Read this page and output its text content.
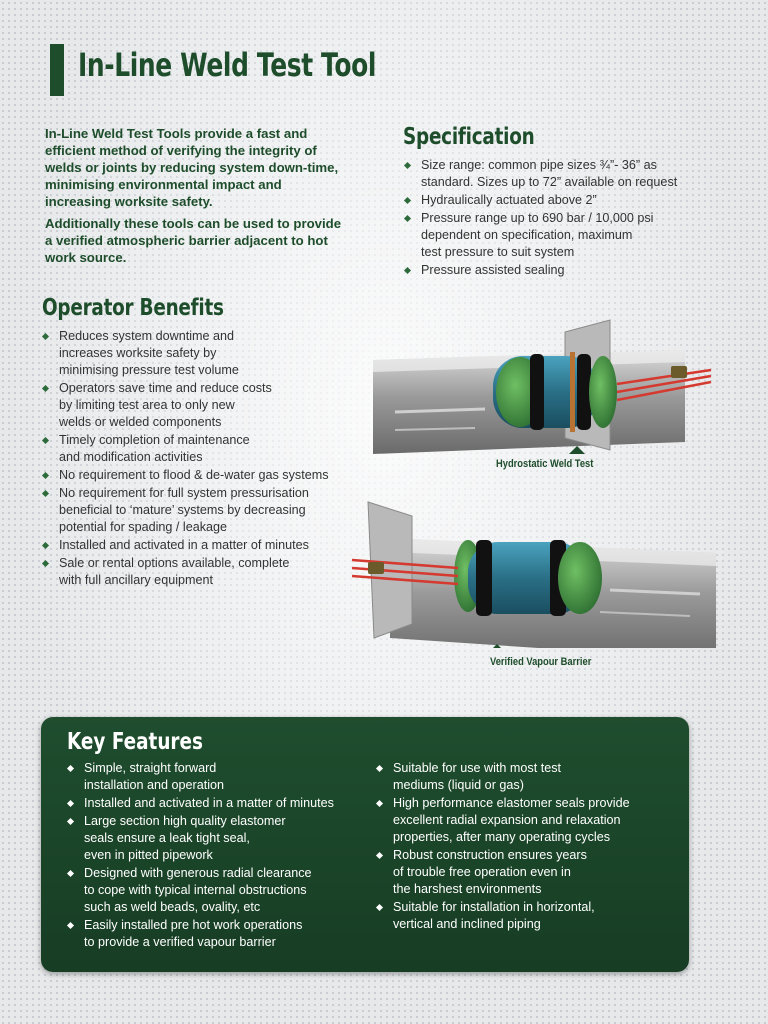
In-Line Weld Test Tool

In-Line Weld Test Tools provide a fast and efficient method of verifying the integrity of welds or joints by reducing system down-time, minimising environmental impact and increasing worksite safety.

Additionally these tools can be used to provide a verified atmospheric barrier adjacent to hot work source.

Specification
Size range: common pipe sizes ¾”- 36” as
standard. Sizes up to 72” available on request
Hydraulically actuated above 2”
Pressure range up to 690 bar / 10,000 psi
dependent on specification, maximum
test pressure to suit system
Pressure assisted sealing
Operator Benefits
Reduces system downtime and
increases worksite safety by
minimising pressure test volume
Operators save time and reduce costs
by limiting test area to only new
welds or welded components
Timely completion of maintenance
and modification activities
No requirement to flood & de-water gas systems
No requirement for full system pressurisation
beneficial to ‘mature’ systems by decreasing
potential for spading / leakage
Installed and activated in a matter of minutes
Sale or rental options available, complete
with full ancillary equipment
Hydrostatic Weld Test
Verified Vapour Barrier
Key Features
Simple, straight forward
installation and operation
Installed and activated in a matter of minutes
Large section high quality elastomer
seals ensure a leak tight seal,
even in pitted pipework
Designed with generous radial clearance
to cope with typical internal obstructions
such as weld beads, ovality, etc
Easily installed pre hot work operations
to provide a verified vapour barrier
Suitable for use with most test
mediums (liquid or gas)
High performance elastomer seals provide
excellent radial expansion and relaxation
properties, after many operating cycles
Robust construction ensures years
of trouble free operation even in
the harshest environments
Suitable for installation in horizontal,
vertical and inclined piping
